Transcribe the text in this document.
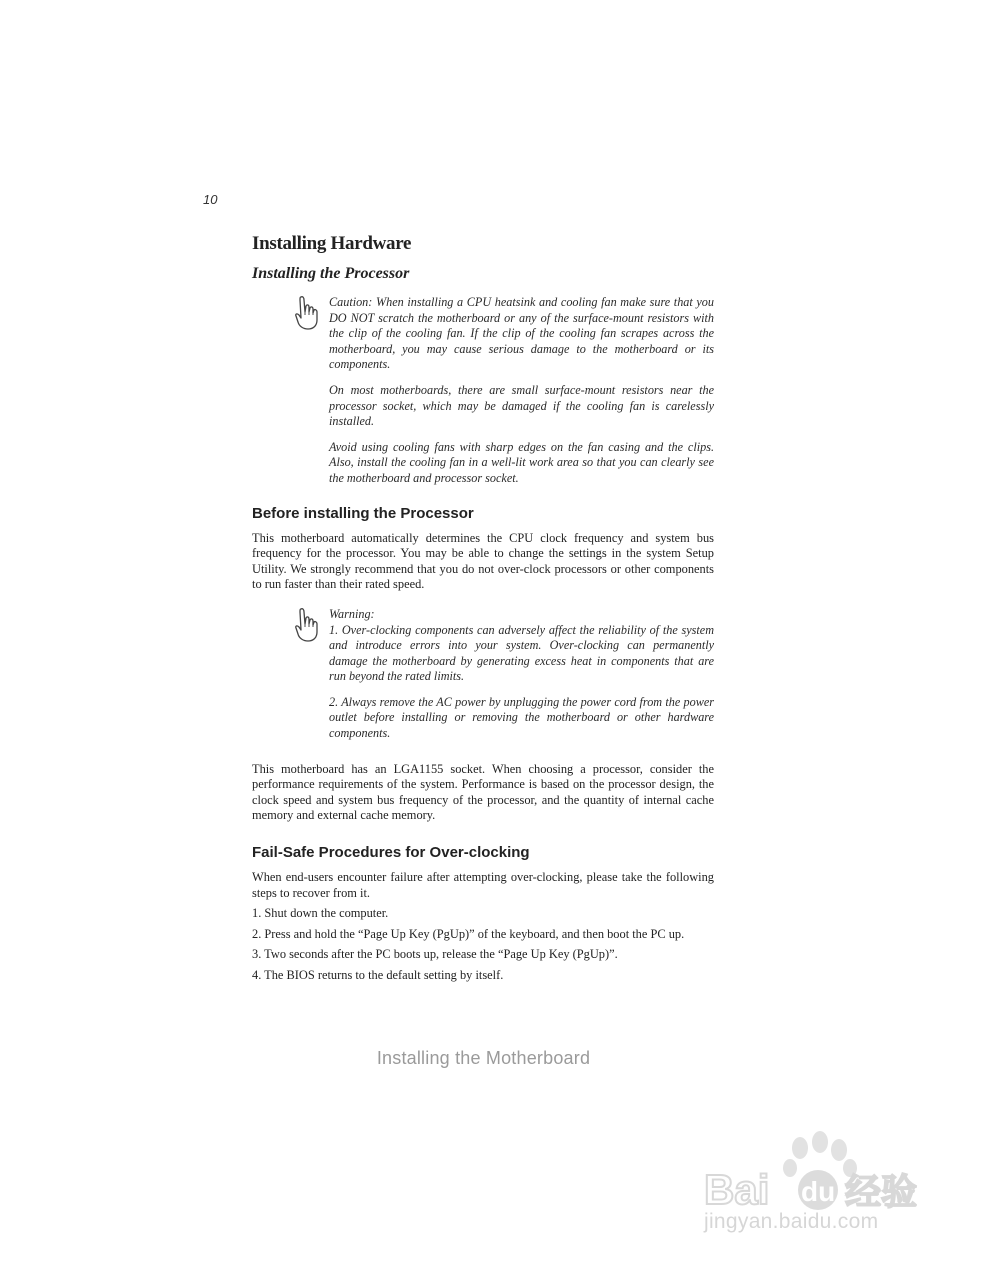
10
Installing Hardware
Installing the Processor

Caution: When installing a CPU heatsink and cooling fan make sure that you DO NOT scratch the motherboard or any of the surface-mount resistors with the clip of the cooling fan. If the clip of the cooling fan scrapes across the motherboard, you may cause serious damage to the motherboard or its components.

On most motherboards, there are small surface-mount resistors near the processor socket, which may be damaged if the cooling fan is carelessly installed.

Avoid using cooling fans with sharp edges on the fan casing and the clips. Also, install the cooling fan in a well-lit work area so that you can clearly see the motherboard and processor socket.

Before installing the Processor

This motherboard automatically determines the CPU clock frequency and system bus frequency for the processor. You may be able to change the settings in the system Setup Utility. We strongly recommend that you do not over-clock processors or other components to run faster than their rated speed.

Warning:

1. Over-clocking components can adversely affect the reliability of the system and introduce errors into your system. Over-clocking can permanently damage the motherboard by generating excess heat in components that are run beyond the rated limits.

2. Always remove the AC power by unplugging the power cord from the power outlet before installing or removing the motherboard or other hardware components.

This motherboard has an LGA1155 socket. When choosing a processor, consider the performance requirements of the system. Performance is based on the processor design, the clock speed and system bus frequency of the processor, and the quantity of internal cache memory and external cache memory.

Fail-Safe Procedures for Over-clocking

When end-users encounter failure after attempting over-clocking, please take the following steps to recover from it.

1. Shut down the computer.
2. Press and hold the “Page Up Key (PgUp)” of the keyboard, and then boot the PC up.
3. Two seconds after the PC boots up, release the “Page Up Key (PgUp)”.
4. The BIOS returns to the default setting by itself.
Installing the Motherboard
Bai du 经验
jingyan.baidu.com
